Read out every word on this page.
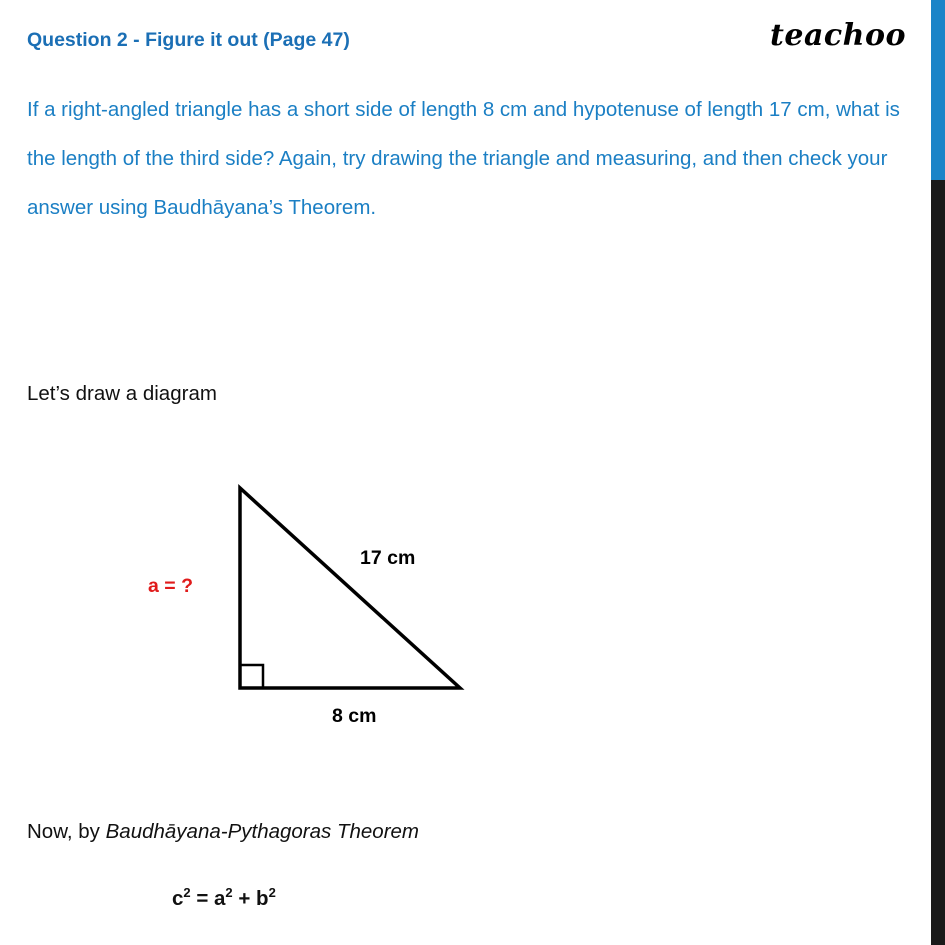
teachoo
Question 2 - Figure it out (Page 47)
If a right-angled triangle has a short side of length 8 cm and hypotenuse of length 17 cm, what is the length of the third side? Again, try drawing the triangle and measuring, and then check your answer using Baudhāyana’s Theorem.
Let’s draw a diagram
a = ?
17 cm
8 cm
Now, by Baudhāyana-Pythagoras Theorem
$c^2 = a^2 + b^2$
